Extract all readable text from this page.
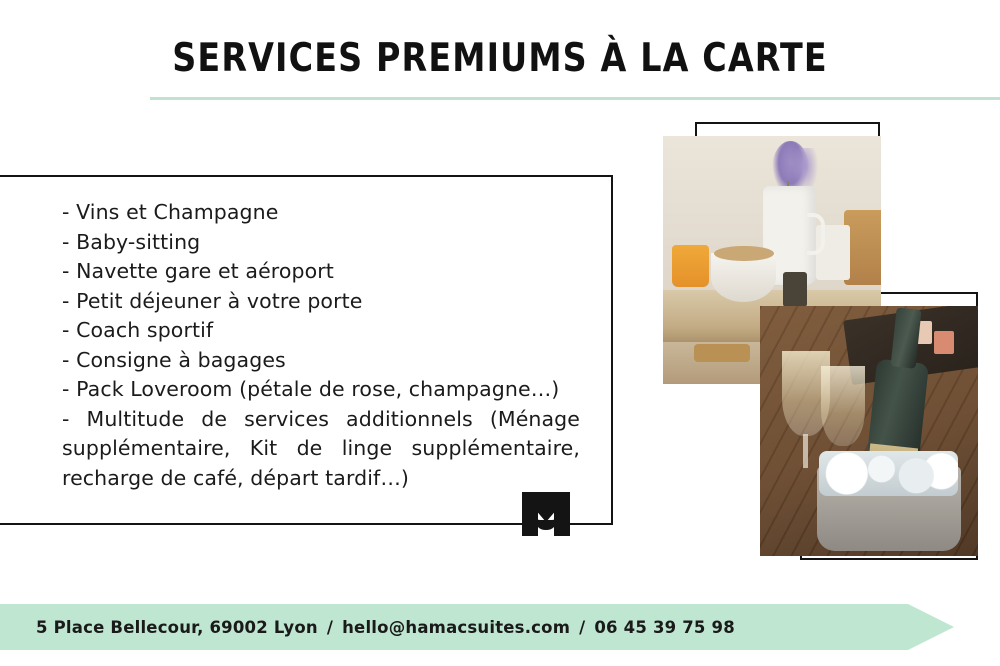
SERVICES PREMIUMS À LA CARTE
- Vins et Champagne
- Baby-sitting
- Navette gare et aéroport
- Petit déjeuner à votre porte
- Coach sportif
- Consigne à bagages
- Pack Loveroom (pétale de rose, champagne…)
- Multitude de services additionnels (Ménage supplémentaire, Kit de linge supplémentaire, recharge de café, départ tardif…)
5 Place Bellecour, 69002 Lyon / hello@hamacsuites.com / 06 45 39 75 98
